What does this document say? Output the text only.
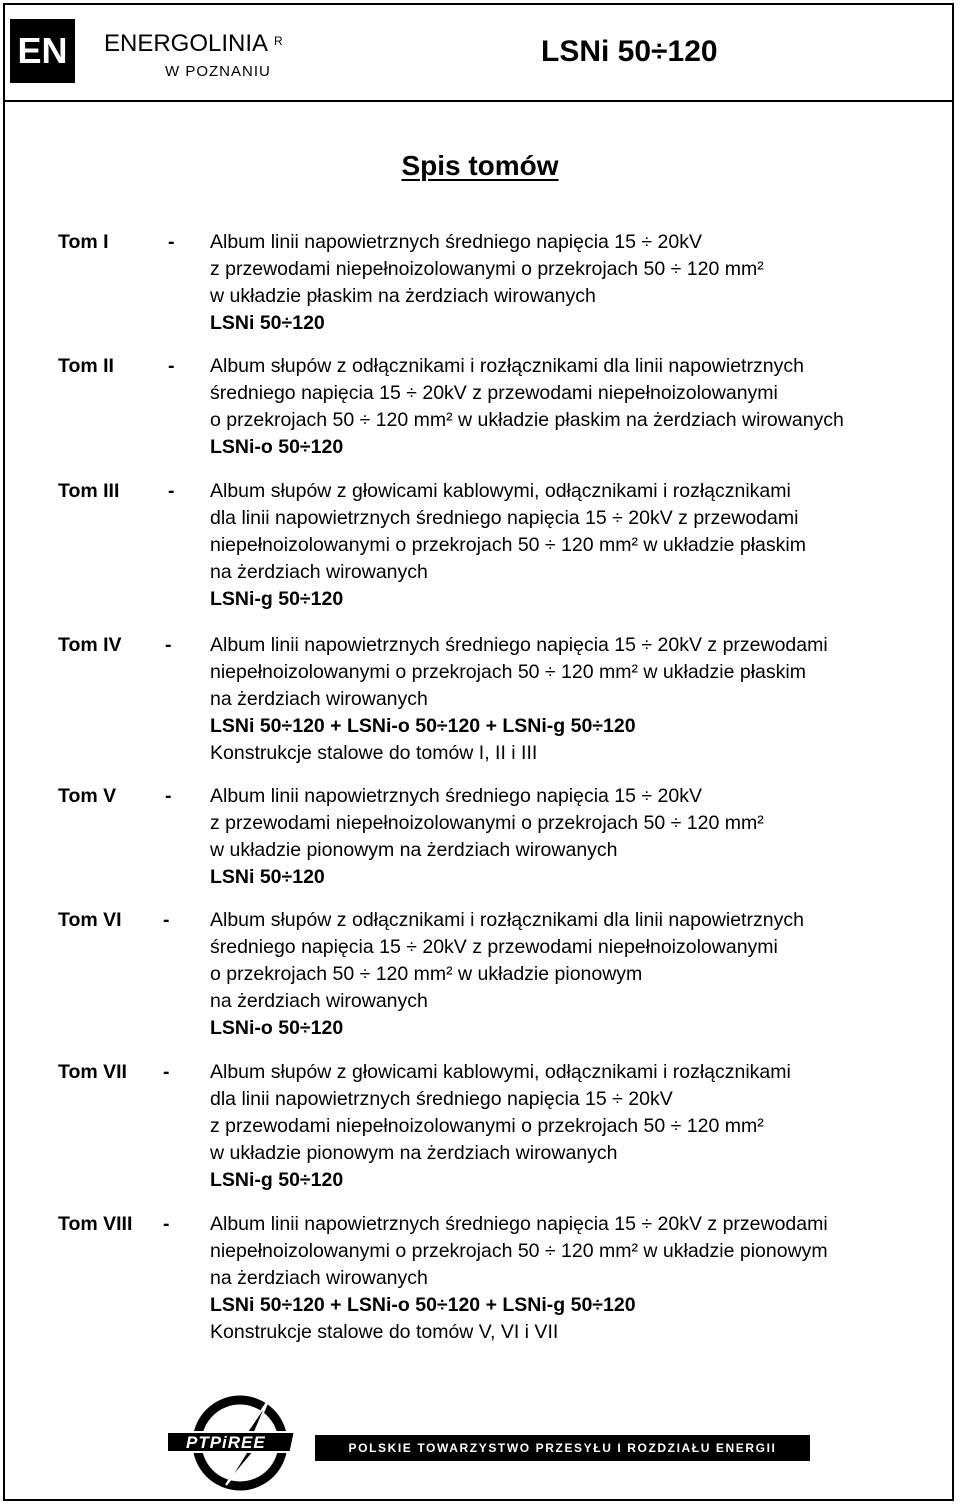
EN	ENERGOLINIA $^R$
W POZNANIU
LSNi 50÷120
Spis tomów
Tom I	- Album linii napowietrznych średniego napięcia 15 ÷ 20kV
z przewodami niepełnoizolowanymi o przekrojach 50 ÷ 120 mm²
w układzie płaskim na żerdziach wirowanych
LSNi 50÷120
Tom II	- Album słupów z odłącznikami i rozłącznikami dla linii napowietrznych
średniego napięcia 15 ÷ 20kV z przewodami niepełnoizolowanymi
o przekrojach 50 ÷ 120 mm² w układzie płaskim na żerdziach wirowanych
LSNi-o 50÷120
Tom III - Album słupów z głowicami kablowymi, odłącznikami i rozłącznikami
dla linii napowietrznych średniego napięcia 15 ÷ 20kV z przewodami
niepełnoizolowanymi o przekrojach 50 ÷ 120 mm² w układzie płaskim
na żerdziach wirowanych
LSNi-g 50÷120
Tom IV - Album linii napowietrznych średniego napięcia 15 ÷ 20kV z przewodami
niepełnoizolowanymi o przekrojach 50 ÷ 120 mm² w układzie płaskim
na żerdziach wirowanych
LSNi 50÷120 + LSNi-o 50÷120 + LSNi-g 50÷120
Konstrukcje stalowe do tomów I, II i III
Tom V	- Album linii napowietrznych średniego napięcia 15 ÷ 20kV
z przewodami niepełnoizolowanymi o przekrojach 50 ÷ 120 mm²
w układzie pionowym na żerdziach wirowanych
LSNi 50÷120
Tom VI - Album słupów z odłącznikami i rozłącznikami dla linii napowietrznych
średniego napięcia 15 ÷ 20kV z przewodami niepełnoizolowanymi
o przekrojach 50 ÷ 120 mm² w układzie pionowym
na żerdziach wirowanych
LSNi-o 50÷120
Tom VII - Album słupów z głowicami kablowymi, odłącznikami i rozłącznikami
dla linii napowietrznych średniego napięcia 15 ÷ 20kV
z przewodami niepełnoizolowanymi o przekrojach 50 ÷ 120 mm²
w układzie pionowym na żerdziach wirowanych
LSNi-g 50÷120
Tom VIII - Album linii napowietrznych średniego napięcia 15 ÷ 20kV z przewodami
niepełnoizolowanymi o przekrojach 50 ÷ 120 mm² w układzie pionowym
na żerdziach wirowanych
LSNi 50÷120 + LSNi-o 50÷120 + LSNi-g 50÷120
Konstrukcje stalowe do tomów V, VI i VII
PTPiREE	POLSKIE TOWARZYSTWO PRZESYŁU I ROZDZIAŁU ENERGII ELEKTRYCZNEJ
